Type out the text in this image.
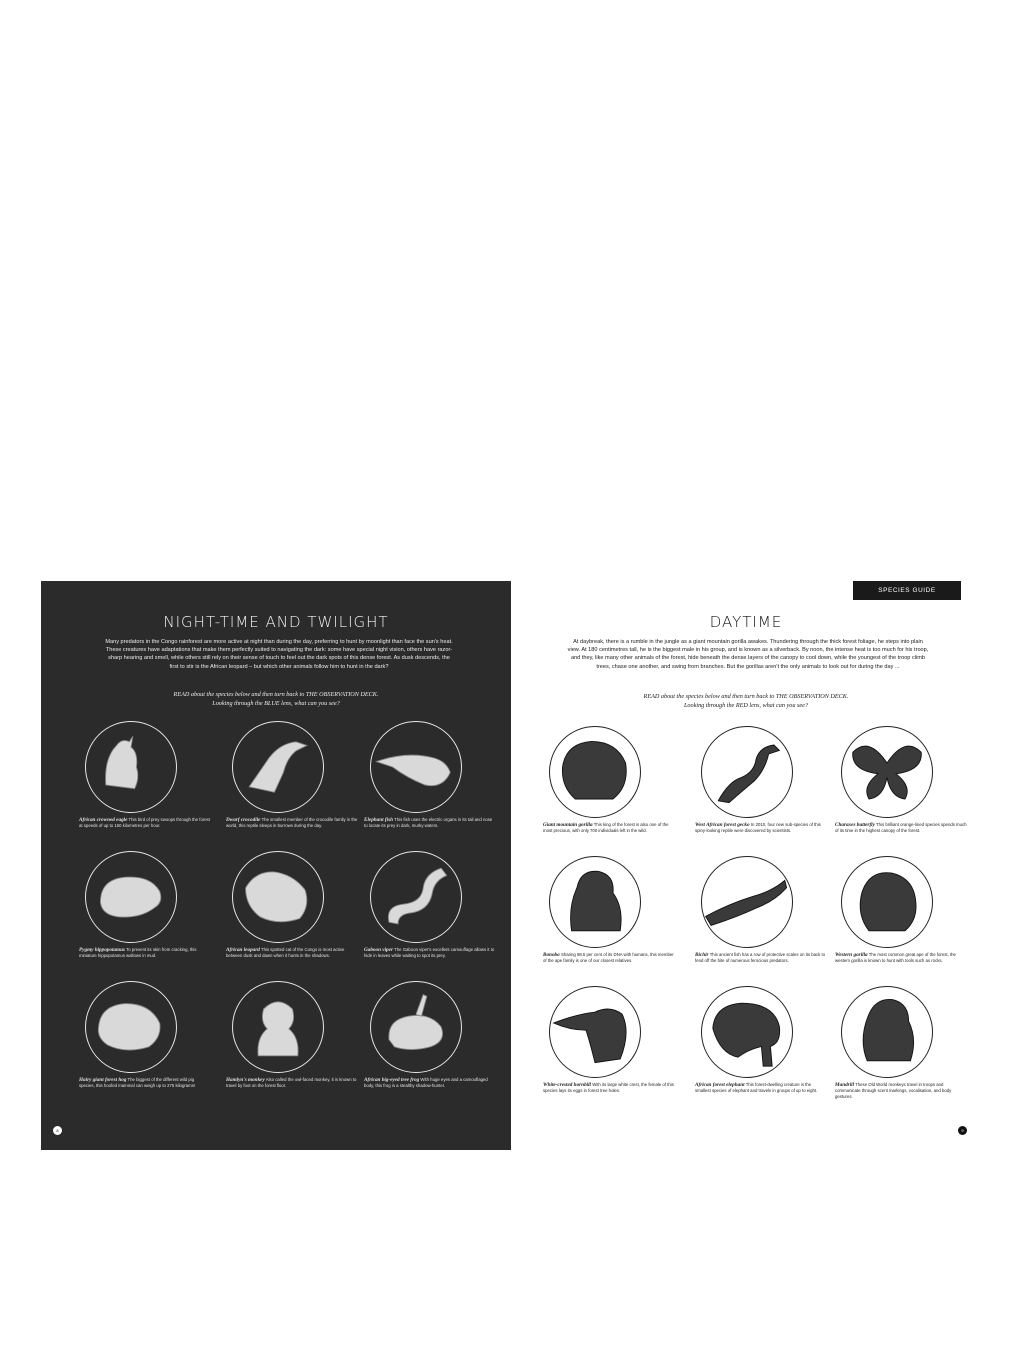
NIGHT-TIME AND TWILIGHT
Many predators in the Congo rainforest are more active at night than during the day, preferring to hunt by moonlight than face the sun's heat. These creatures have adaptations that make them perfectly suited to navigating the dark: some have special night vision, others have razor-sharp hearing and smell, while others still rely on their sense of touch to feel out the dark spots of this dense forest. As dusk descends, the first to stir is the African leopard – but which other animals follow him to hunt in the dark?
READ about the species below and then turn back to THE OBSERVATION DECK.
Looking through the BLUE lens, what can you see?
African crowned eagle This bird of prey swoops through the forest at speeds of up to 160 kilometres per hour.
Dwarf crocodile The smallest member of the crocodile family in the world, this reptile sleeps in burrows during the day.
Elephant fish This fish uses the electric organs in its tail and nose to locate its prey in dark, murky waters.
Pygmy hippopotamus To prevent its skin from cracking, this miniature hippopotamus wallows in mud.
African leopard This spotted cat of the Congo is most active between dusk and dawn when it hunts in the shadows.
Gaboon viper The Gaboon viper's excellent camouflage allows it to hide in leaves while waiting to spot its prey.
Hairy giant forest hog The biggest of the different wild pig species, this hoofed mammal can weigh up to 275 kilograms!
Hamlyn's monkey Also called the owl-faced monkey, it is known to travel by foot on the forest floor.
African big-eyed tree frog With huge eyes and a camouflaged body, this frog is a stealthy shadow-hunter.
8
SPECIES GUIDE
DAYTIME
At daybreak, there is a rumble in the jungle as a giant mountain gorilla awakes. Thundering through the thick forest foliage, he steps into plain view. At 180 centimetres tall, he is the biggest male in his group, and is known as a silverback. By noon, the intense heat is too much for his troop, and they, like many other animals of the forest, hide beneath the dense layers of the canopy to cool down, while the youngest of the troop climb trees, chase one another, and swing from branches. But the gorillas aren't the only animals to look out for during the day ...
READ about the species below and then turn back to THE OBSERVATION DECK.
Looking through the RED lens, what can you see?
Giant mountain gorilla This king of the forest is also one of the most precious, with only 700 individuals left in the wild.
West African forest gecko In 2010, four new sub-species of this spiny-looking reptile were discovered by scientists.
Charaxes butterfly This brilliant orange-lined species spends much of its time in the highest canopy of the forest.
Bonobo Sharing 98.5 per cent of its DNA with humans, this member of the ape family is one of our closest relatives.
Bichir This ancient fish has a row of protective scales on its back to fend off the bite of numerous ferocious predators.
Western gorilla The most common great ape of the forest, the western gorilla is known to hunt with tools such as rocks.
White-crested hornbill With its large white crest, the female of this species lays its eggs in forest tree holes.
African forest elephant This forest-dwelling creature is the smallest species of elephant and travels in groups of up to eight.
Mandrill These Old World monkeys travel in troops and communicate through scent markings, vocalisation, and body gestures.
9
